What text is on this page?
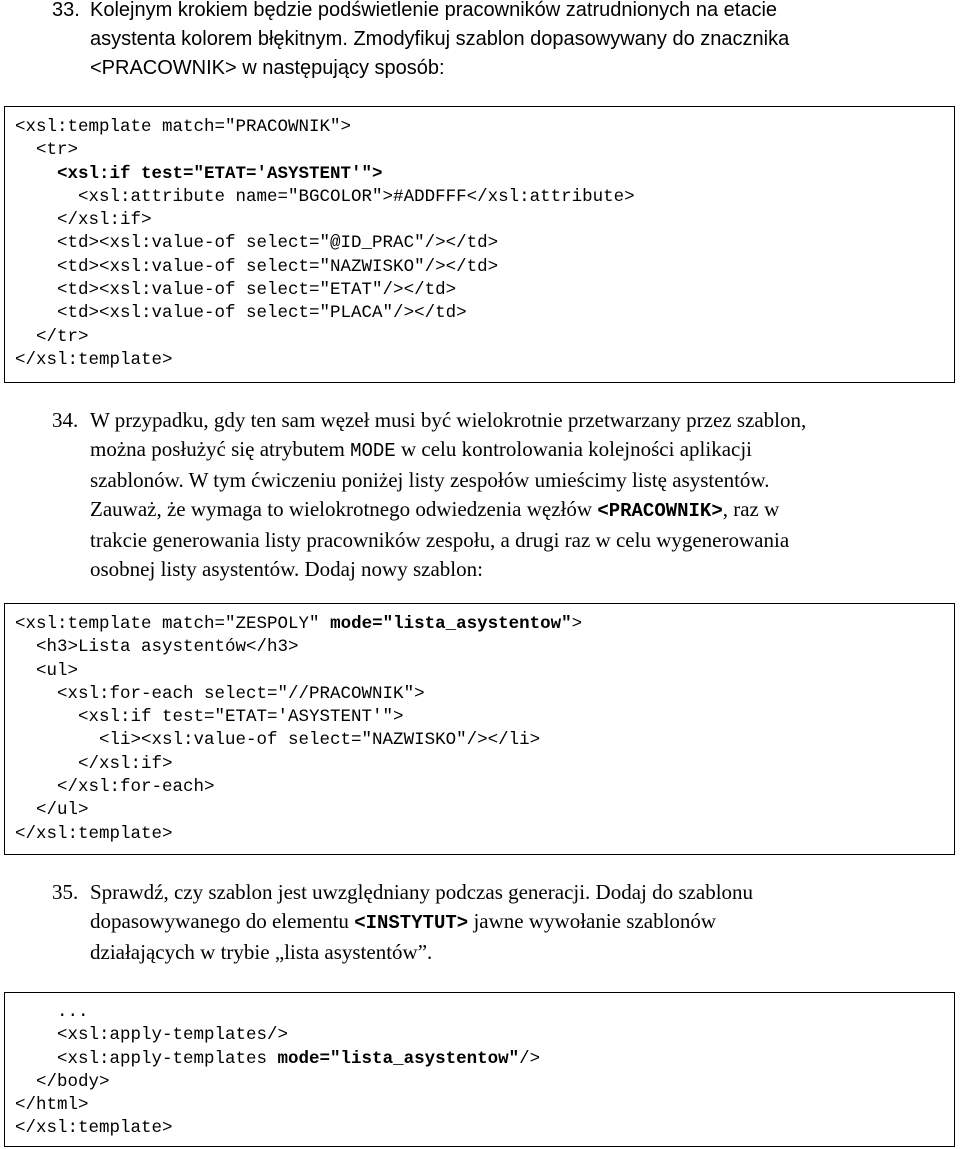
33. Kolejnym krokiem będzie podświetlenie pracowników zatrudnionych na etacie
asystenta kolorem błękitnym. Zmodyfikuj szablon dopasowywany do znacznika
<PRACOWNIK> w następujący sposób:
<xsl:template match="PRACOWNIK">
<tr>
<xsl:if test="ETAT='ASYSTENT'">
<xsl:attribute name="BGCOLOR">#ADDFFF</xsl:attribute>
</xsl:if>
<td><xsl:value-of select="@ID_PRAC"/></td>
<td><xsl:value-of select="NAZWISKO"/></td>
<td><xsl:value-of select="ETAT"/></td>
<td><xsl:value-of select="PLACA"/></td>
</tr>
</xsl:template>
34. W przypadku, gdy ten sam węzeł musi być wielokrotnie przetwarzany przez szablon,
można posłużyć się atrybutem MODE w celu kontrolowania kolejności aplikacji
szablonów. W tym ćwiczeniu poniżej listy zespołów umieścimy listę asystentów.
Zauważ, że wymaga to wielokrotnego odwiedzenia węzłów <PRACOWNIK>, raz w
trakcie generowania listy pracowników zespołu, a drugi raz w celu wygenerowania
osobnej listy asystentów. Dodaj nowy szablon:
<xsl:template match="ZESPOLY" mode="lista_asystentow">
<h3>Lista asystentów</h3>
<ul>
<xsl:for-each select="//PRACOWNIK">
<xsl:if test="ETAT='ASYSTENT'">
<li><xsl:value-of select="NAZWISKO"/></li>
</xsl:if>
</xsl:for-each>
</ul>
</xsl:template>
35. Sprawdź, czy szablon jest uwzględniany podczas generacji. Dodaj do szablonu
dopasowywanego do elementu <INSTYTUT> jawne wywołanie szablonów
działających w trybie „lista asystentów”.
...
<xsl:apply-templates/>
<xsl:apply-templates mode="lista_asystentow"/>
</body>
</html>
</xsl:template>
